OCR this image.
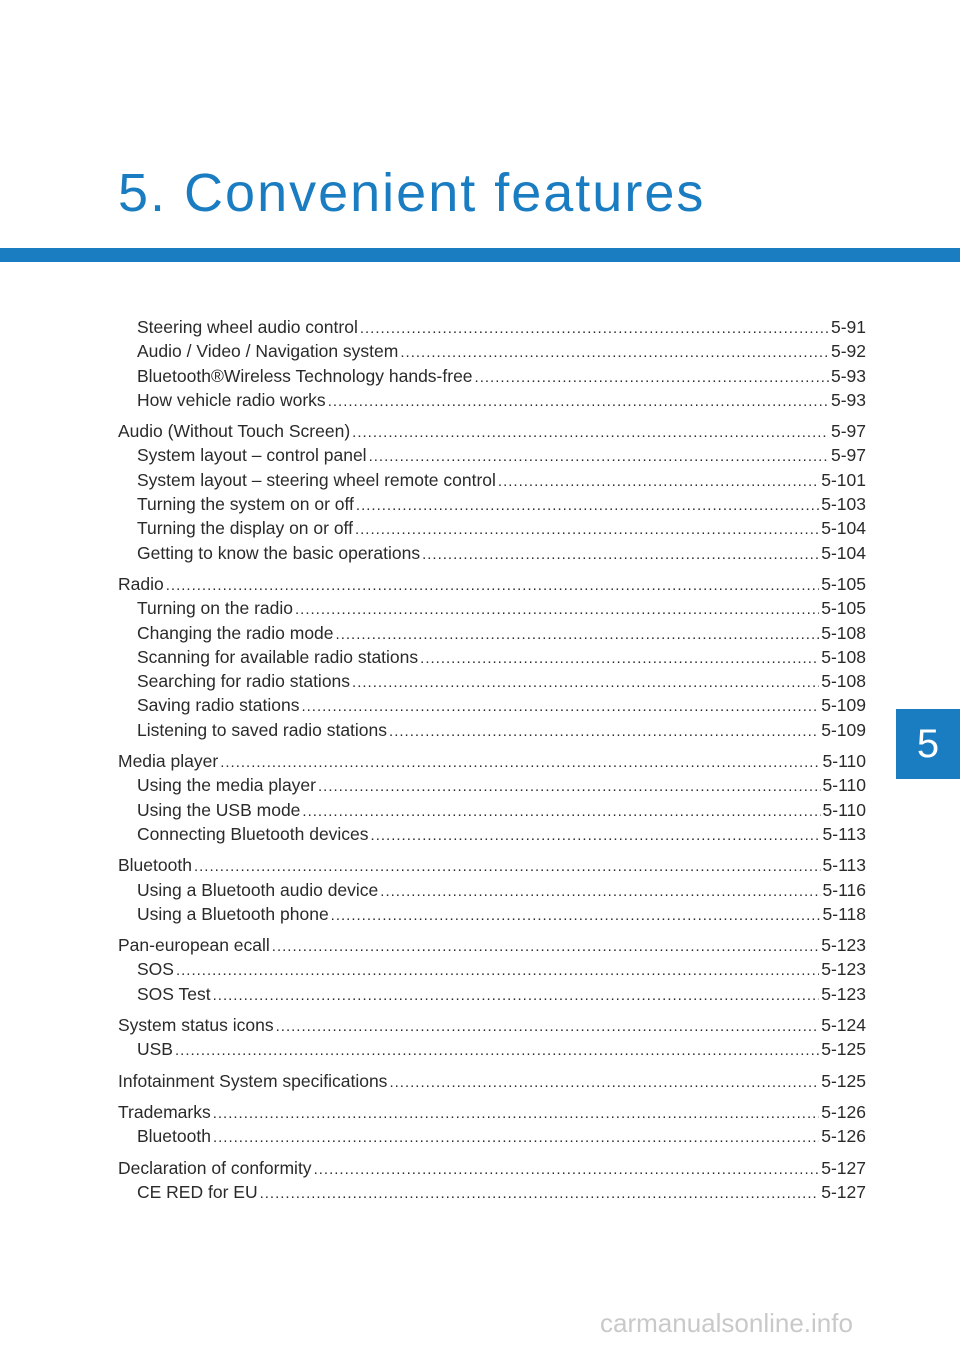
5. Convenient features
Steering wheel audio control .....	5-91
Audio / Video / Navigation system .....	5-92
Bluetooth®Wireless Technology hands-free .....	5-93
How vehicle radio works .....	5-93
Audio (Without Touch Screen) .....	5-97
System layout – control panel .....	5-97
System layout – steering wheel remote control .....	5-101
Turning the system on or off .....	5-103
Turning the display on or off .....	5-104
Getting to know the basic operations .....	5-104
Radio .....	5-105
Turning on the radio .....	5-105
Changing the radio mode .....	5-108
Scanning for available radio stations .....	5-108
Searching for radio stations .....	5-108
Saving radio stations .....	5-109
Listening to saved radio stations .....	5-109
Media player .....	5-110
Using the media player .....	5-110
Using the USB mode .....	5-110
Connecting Bluetooth devices .....	5-113
Bluetooth .....	5-113
Using a Bluetooth audio device .....	5-116
Using a Bluetooth phone .....	5-118
Pan-european ecall .....	5-123
SOS .....	5-123
SOS Test .....	5-123
System status icons .....	5-124
USB .....	5-125
Infotainment System specifications .....	5-125
Trademarks .....	5-126
Bluetooth .....	5-126
Declaration of conformity .....	5-127
CE RED for EU .....	5-127
5
carmanualsonline.info
